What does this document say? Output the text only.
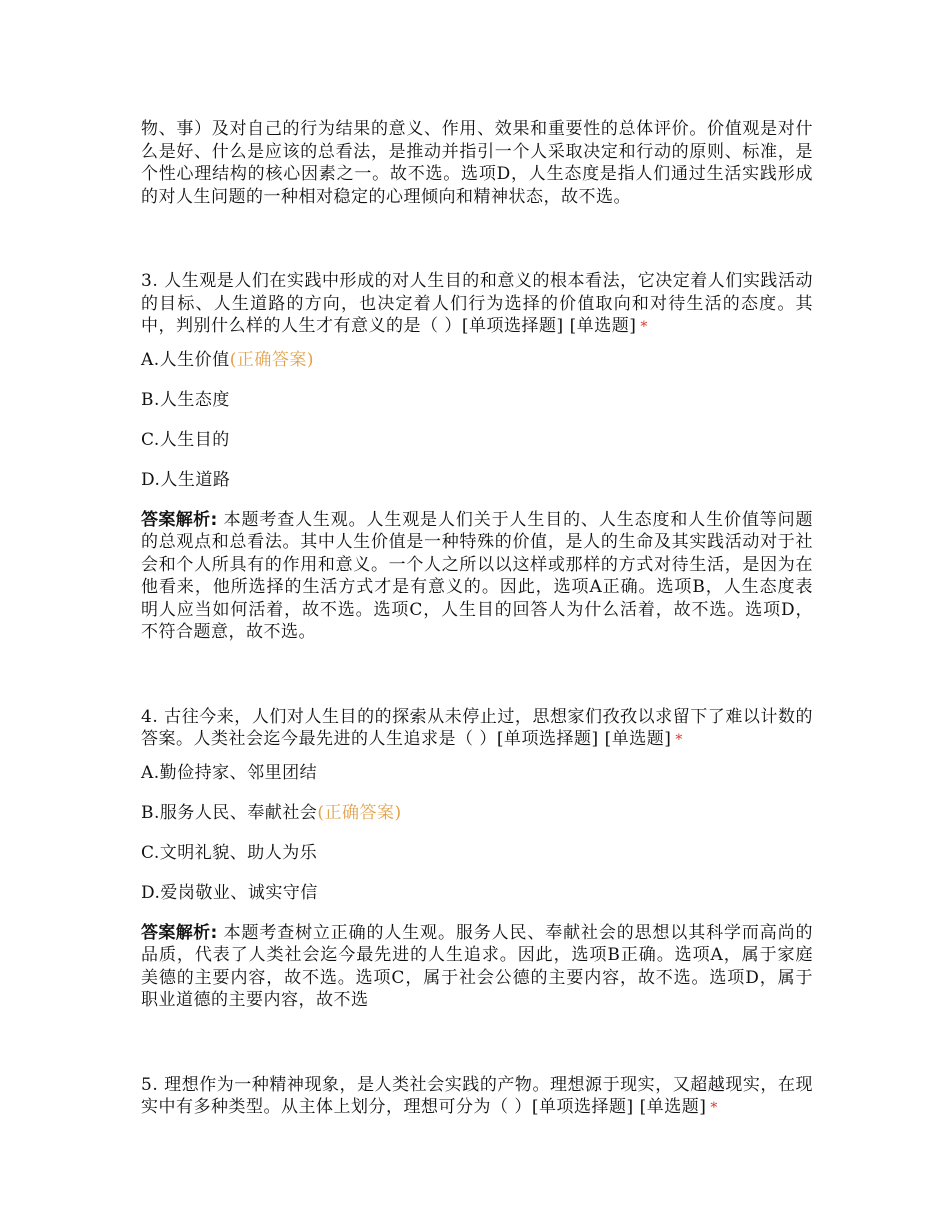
物、事）及对自己的行为结果的意义、作用、效果和重要性的总体评价。价值观是对什么是好、什么是应该的总看法，是推动并指引一个人采取决定和行动的原则、标准，是个性心理结构的核心因素之一。故不选。选项D，人生态度是指人们通过生活实践形成的对人生问题的一种相对稳定的心理倾向和精神状态，故不选。

3. 人生观是人们在实践中形成的对人生目的和意义的根本看法，它决定着人们实践活动的目标、人生道路的方向，也决定着人们行为选择的价值取向和对待生活的态度。其中，判别什么样的人生才有意义的是（ ）[单项选择题] [单选题] *

A.人生价值(正确答案)

B.人生态度

C.人生目的

D.人生道路

答案解析: 本题考查人生观。人生观是人们关于人生目的、人生态度和人生价值等问题的总观点和总看法。其中人生价值是一种特殊的价值，是人的生命及其实践活动对于社会和个人所具有的作用和意义。一个人之所以以这样或那样的方式对待生活，是因为在他看来，他所选择的生活方式才是有意义的。因此，选项A正确。选项B，人生态度表明人应当如何活着，故不选。选项C，人生目的回答人为什么活着，故不选。选项D，不符合题意，故不选。

4. 古往今来，人们对人生目的的探索从未停止过，思想家们孜孜以求留下了难以计数的答案。人类社会迄今最先进的人生追求是（ ）[单项选择题] [单选题] *

A.勤俭持家、邻里团结

B.服务人民、奉献社会(正确答案)

C.文明礼貌、助人为乐

D.爱岗敬业、诚实守信

答案解析: 本题考查树立正确的人生观。服务人民、奉献社会的思想以其科学而高尚的品质，代表了人类社会迄今最先进的人生追求。因此，选项B正确。选项A，属于家庭美德的主要内容，故不选。选项C，属于社会公德的主要内容，故不选。选项D，属于职业道德的主要内容，故不选

5. 理想作为一种精神现象，是人类社会实践的产物。理想源于现实，又超越现实，在现实中有多种类型。从主体上划分，理想可分为（ ）[单项选择题] [单选题] *
